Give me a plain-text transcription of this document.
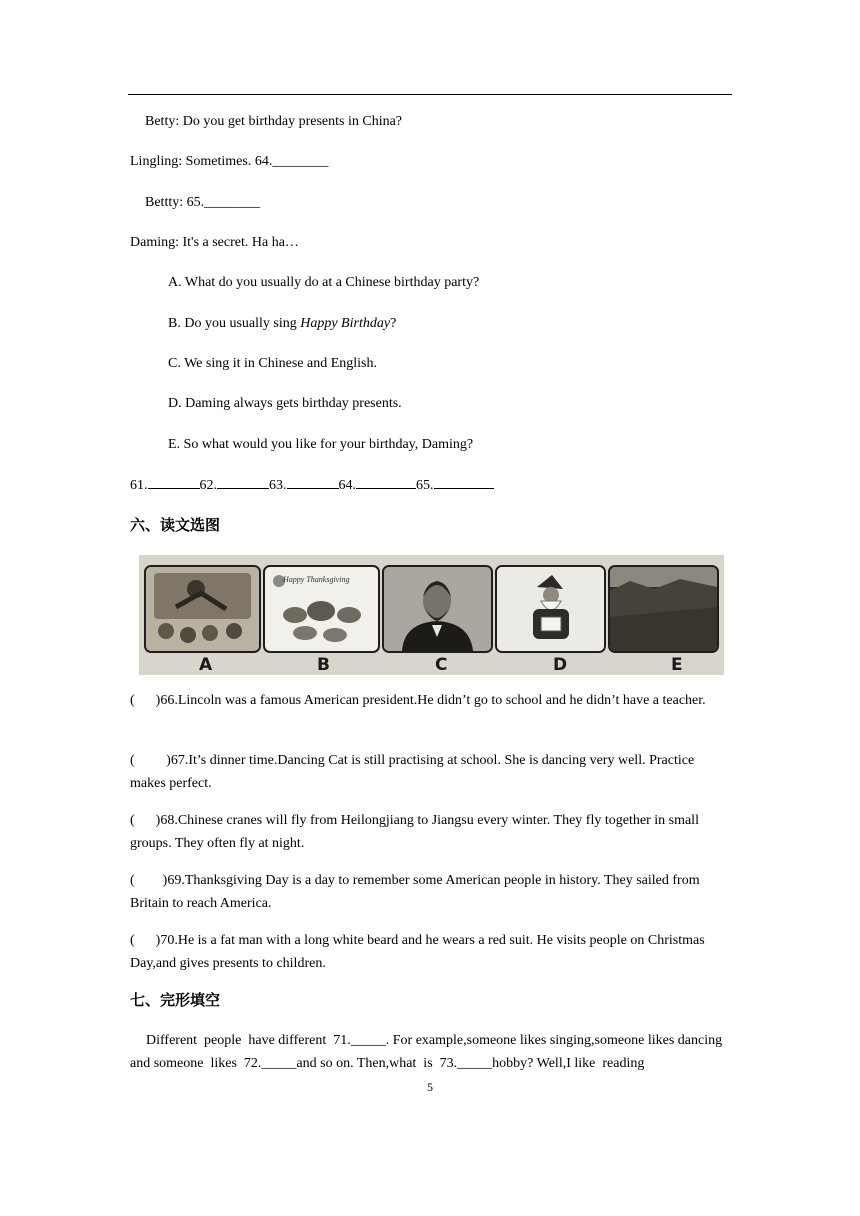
Betty: Do you get birthday presents in China?
Lingling: Sometimes. 64.________
Bettty: 65.________
Daming: It's a secret. Ha ha…
A. What do you usually do at a Chinese birthday party?
B. Do you usually sing Happy Birthday?
C. We sing it in Chinese and English.
D. Daming always gets birthday presents.
E. So what would you like for your birthday, Daming?
61.	62.	63.	64.	65.
六、读文选图
Happy Thanksgiving
A	B	C	D	E
(      )66.Lincoln was a famous American president.He didn’t go to school and he didn’t have a teacher.
(         )67.It’s dinner time.Dancing Cat is still practising at school. She is dancing very well. Practice makes perfect.
(      )68.Chinese cranes will fly from Heilongjiang to Jiangsu every winter. They fly together in small groups. They often fly at night.
(        )69.Thanksgiving Day is a day to remember some American people in history. They sailed from Britain to reach America.
(      )70.He is a fat man with a long white beard and he wears a red suit. He visits people on Christmas Day,and gives presents to children.
七、完形填空
Different  people  have different  71._____. For example,someone likes singing,someone likes dancing and someone  likes  72._____and so on. Then,what  is  73._____hobby? Well,I like  reading
5
